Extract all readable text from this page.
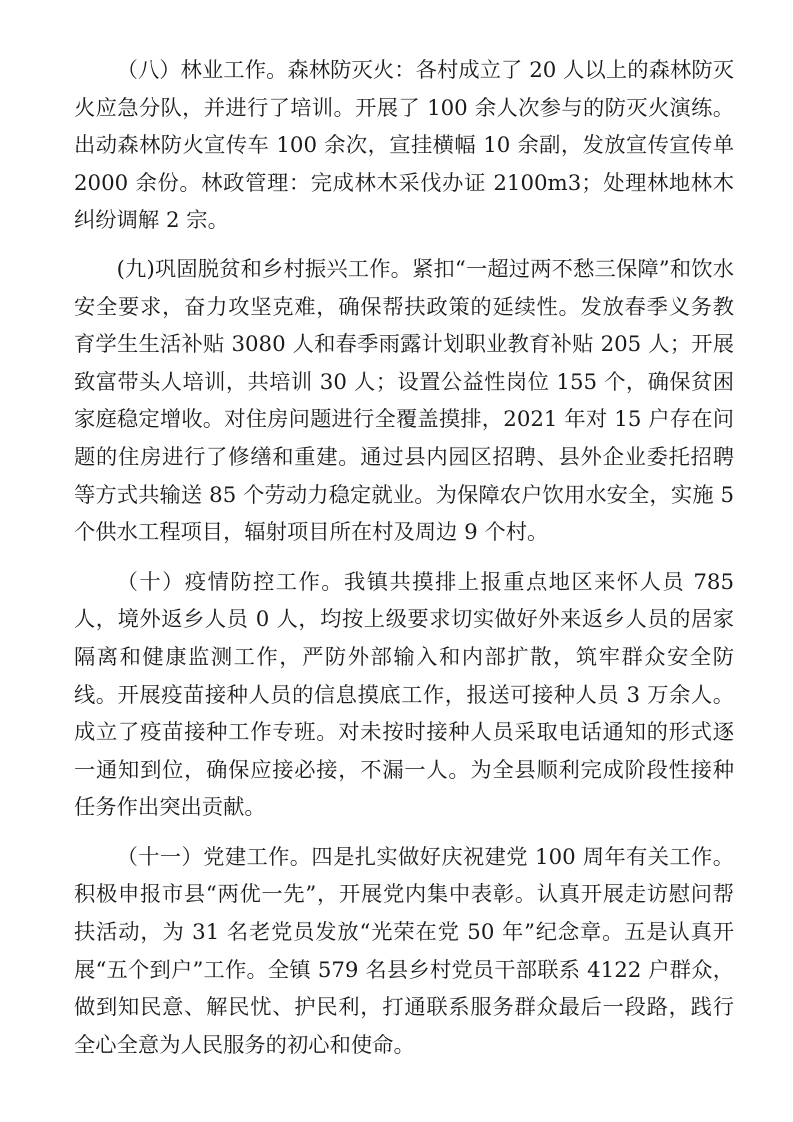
（八）林业工作。森林防灭火：各村成立了 20 人以上的森林防灭火应急分队，并进行了培训。开展了 100 余人次参与的防灭火演练。出动森林防火宣传车 100 余次，宣挂横幅 10 余副，发放宣传宣传单 2000 余份。林政管理：完成林木采伐办证 2100m3；处理林地林木纠纷调解 2 宗。

(九)巩固脱贫和乡村振兴工作。紧扣“一超过两不愁三保障”和饮水安全要求，奋力攻坚克难，确保帮扶政策的延续性。发放春季义务教育学生生活补贴 3080 人和春季雨露计划职业教育补贴 205 人；开展致富带头人培训，共培训 30 人；设置公益性岗位 155 个，确保贫困家庭稳定增收。对住房问题进行全覆盖摸排，2021 年对 15 户存在问题的住房进行了修缮和重建。通过县内园区招聘、县外企业委托招聘等方式共输送 85 个劳动力稳定就业。为保障农户饮用水安全，实施 5 个供水工程项目，辐射项目所在村及周边 9 个村。

（十）疫情防控工作。我镇共摸排上报重点地区来怀人员 785 人，境外返乡人员 0 人，均按上级要求切实做好外来返乡人员的居家隔离和健康监测工作，严防外部输入和内部扩散，筑牢群众安全防线。开展疫苗接种人员的信息摸底工作，报送可接种人员 3 万余人。成立了疫苗接种工作专班。对未按时接种人员采取电话通知的形式逐一通知到位，确保应接必接，不漏一人。为全县顺利完成阶段性接种任务作出突出贡献。

（十一）党建工作。四是扎实做好庆祝建党 100 周年有关工作。积极申报市县“两优一先”，开展党内集中表彰。认真开展走访慰问帮扶活动，为 31 名老党员发放“光荣在党 50 年”纪念章。五是认真开展“五个到户”工作。全镇 579 名县乡村党员干部联系 4122 户群众，做到知民意、解民忧、护民利，打通联系服务群众最后一段路，践行全心全意为人民服务的初心和使命。
